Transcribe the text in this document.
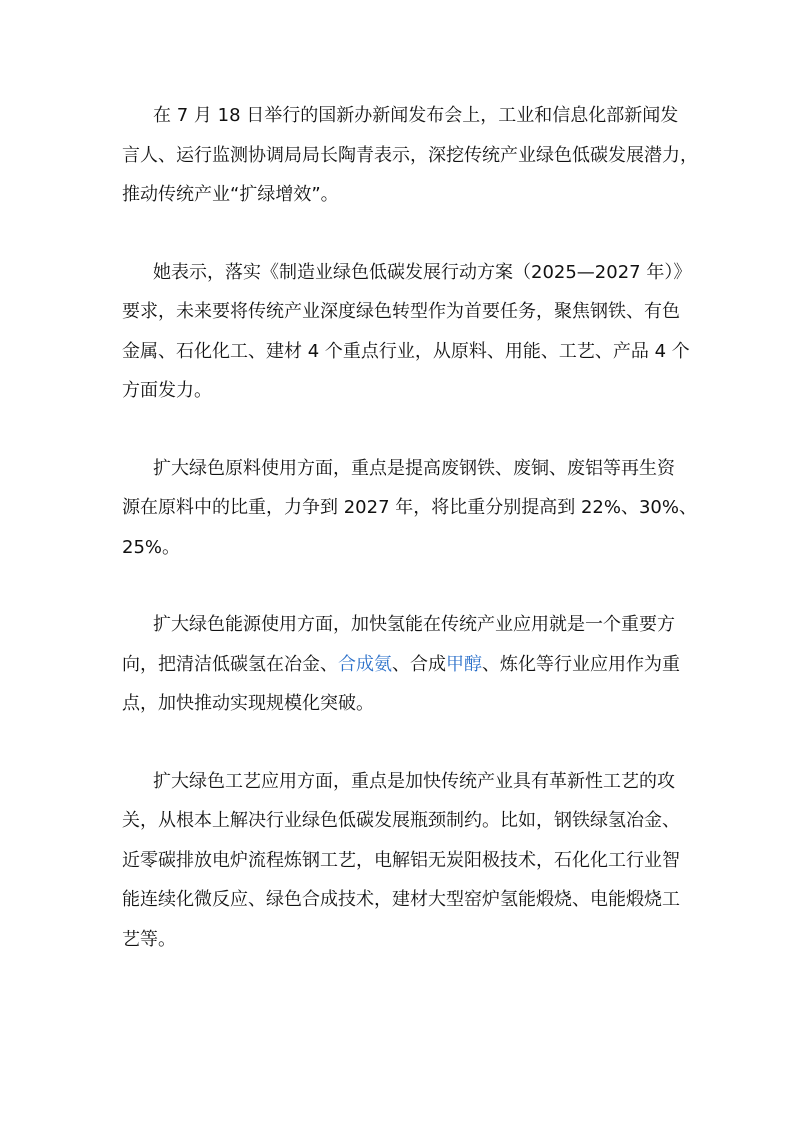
在 7 月 18 日举行的国新办新闻发布会上，工业和信息化部新闻发
言人、运行监测协调局局长陶青表示，深挖传统产业绿色低碳发展潜力，
推动传统产业“扩绿增效”。
她表示，落实《制造业绿色低碳发展行动方案（2025—2027 年）》
要求，未来要将传统产业深度绿色转型作为首要任务，聚焦钢铁、有色
金属、石化化工、建材 4 个重点行业，从原料、用能、工艺、产品 4 个
方面发力。
扩大绿色原料使用方面，重点是提高废钢铁、废铜、废铝等再生资
源在原料中的比重，力争到 2027 年，将比重分别提高到 22%、30%、
25%。
扩大绿色能源使用方面，加快氢能在传统产业应用就是一个重要方
向，把清洁低碳氢在冶金、合成氨、合成甲醇、炼化等行业应用作为重
点，加快推动实现规模化突破。
扩大绿色工艺应用方面，重点是加快传统产业具有革新性工艺的攻
关，从根本上解决行业绿色低碳发展瓶颈制约。比如，钢铁绿氢冶金、
近零碳排放电炉流程炼钢工艺，电解铝无炭阳极技术，石化化工行业智
能连续化微反应、绿色合成技术，建材大型窑炉氢能煅烧、电能煅烧工
艺等。
